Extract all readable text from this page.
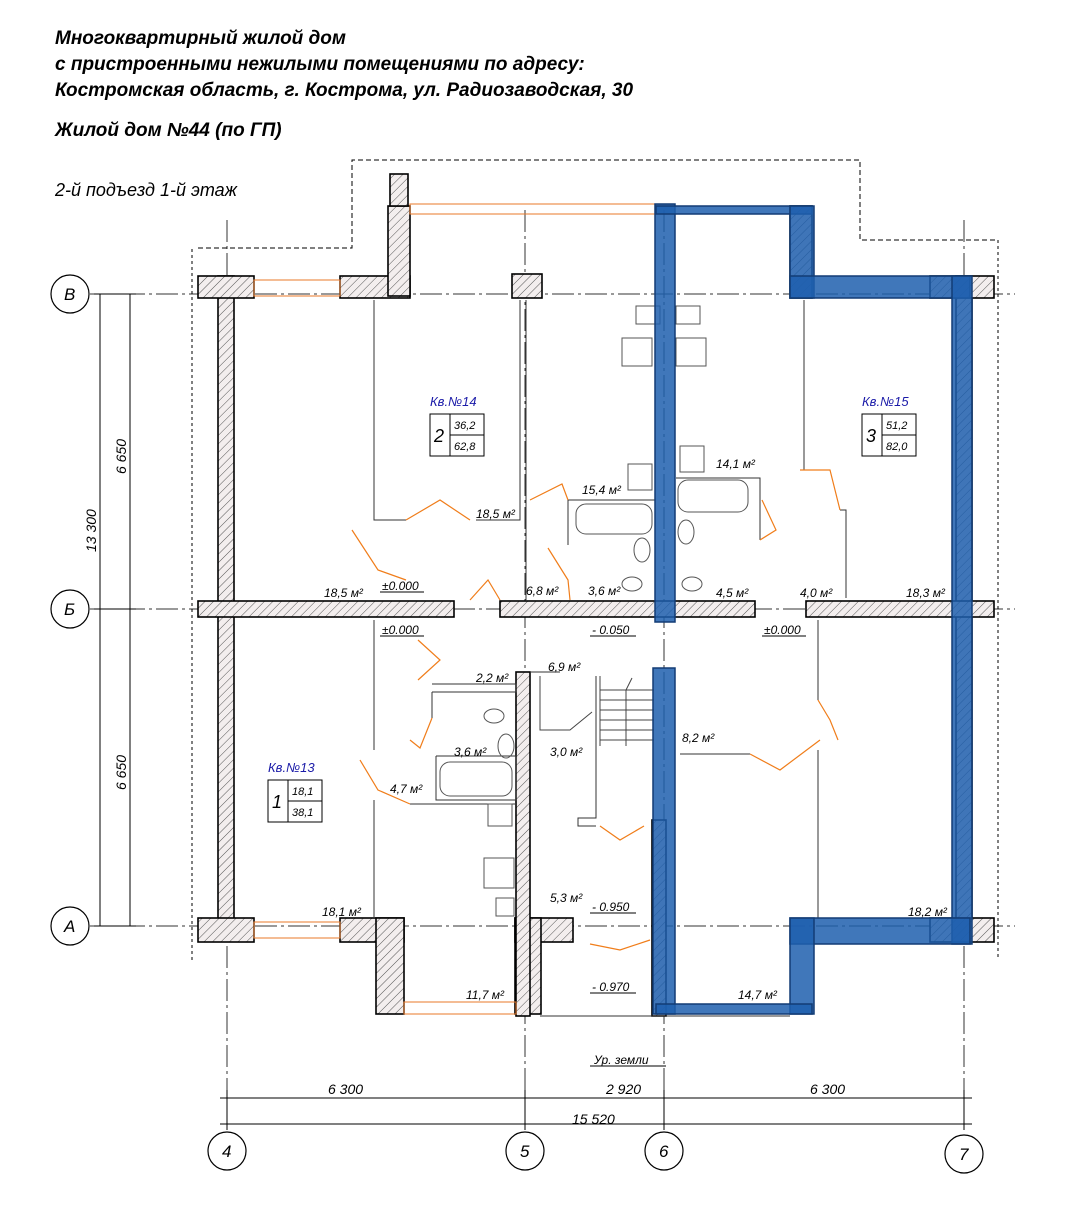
Многоквартирный жилой дом
с пристроенными нежилыми помещениями по адресу:
Костромская область, г. Кострома, ул. Радиозаводская, 30
Жилой дом №44 (по ГП)
2-й подъезд 1-й этаж
13 300
6 650
6 650
6 300	2 920	6 300
15 520
В
Б
А
4	5	6	7
Кв.№14
2 36,2
62,8
Кв.№15
3 51,2
82,0
Кв.№13
1 18,1
38,1
18,5 м²
18,5 м²
15,4 м²
14,1 м²
6,8 м² 3,6 м²	4,5 м²	4,0 м²	18,3 м²
2,2 м²
6,9 м²
3,6 м²	3,0 м²
4,7 м²
8,2 м²
5,3 м²
18,1 м²	18,2 м²
11,7 м²	14,7 м²
±0.000
±0.000	±0.000
- 0.050
- 0.950
- 0.970
Ур. земли
